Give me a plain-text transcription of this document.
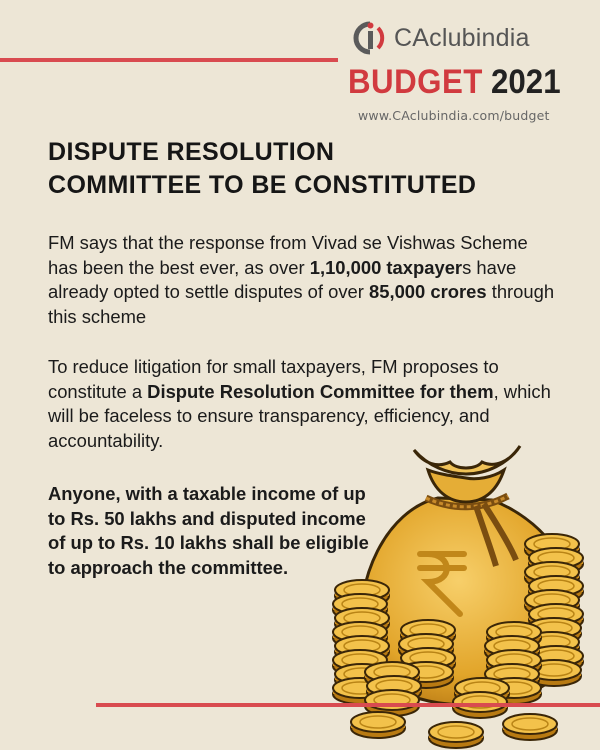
CAclubindia
BUDGET 2021
www.CAclubindia.com/budget
DISPUTE RESOLUTION
COMMITTEE TO BE CONSTITUTED

FM says that the response from Vivad se Vishwas Scheme has been the best ever, as over 1,10,000 taxpayers have already opted to settle disputes of over 85,000 crores through this scheme

To reduce litigation for small taxpayers, FM proposes to constitute a Dispute Resolution Committee for them, which will be faceless to ensure transparency, efficiency, and accountability.

Anyone, with a taxable income of up to Rs. 50 lakhs and disputed income of up to Rs. 10 lakhs shall be eligible to approach the committee.
